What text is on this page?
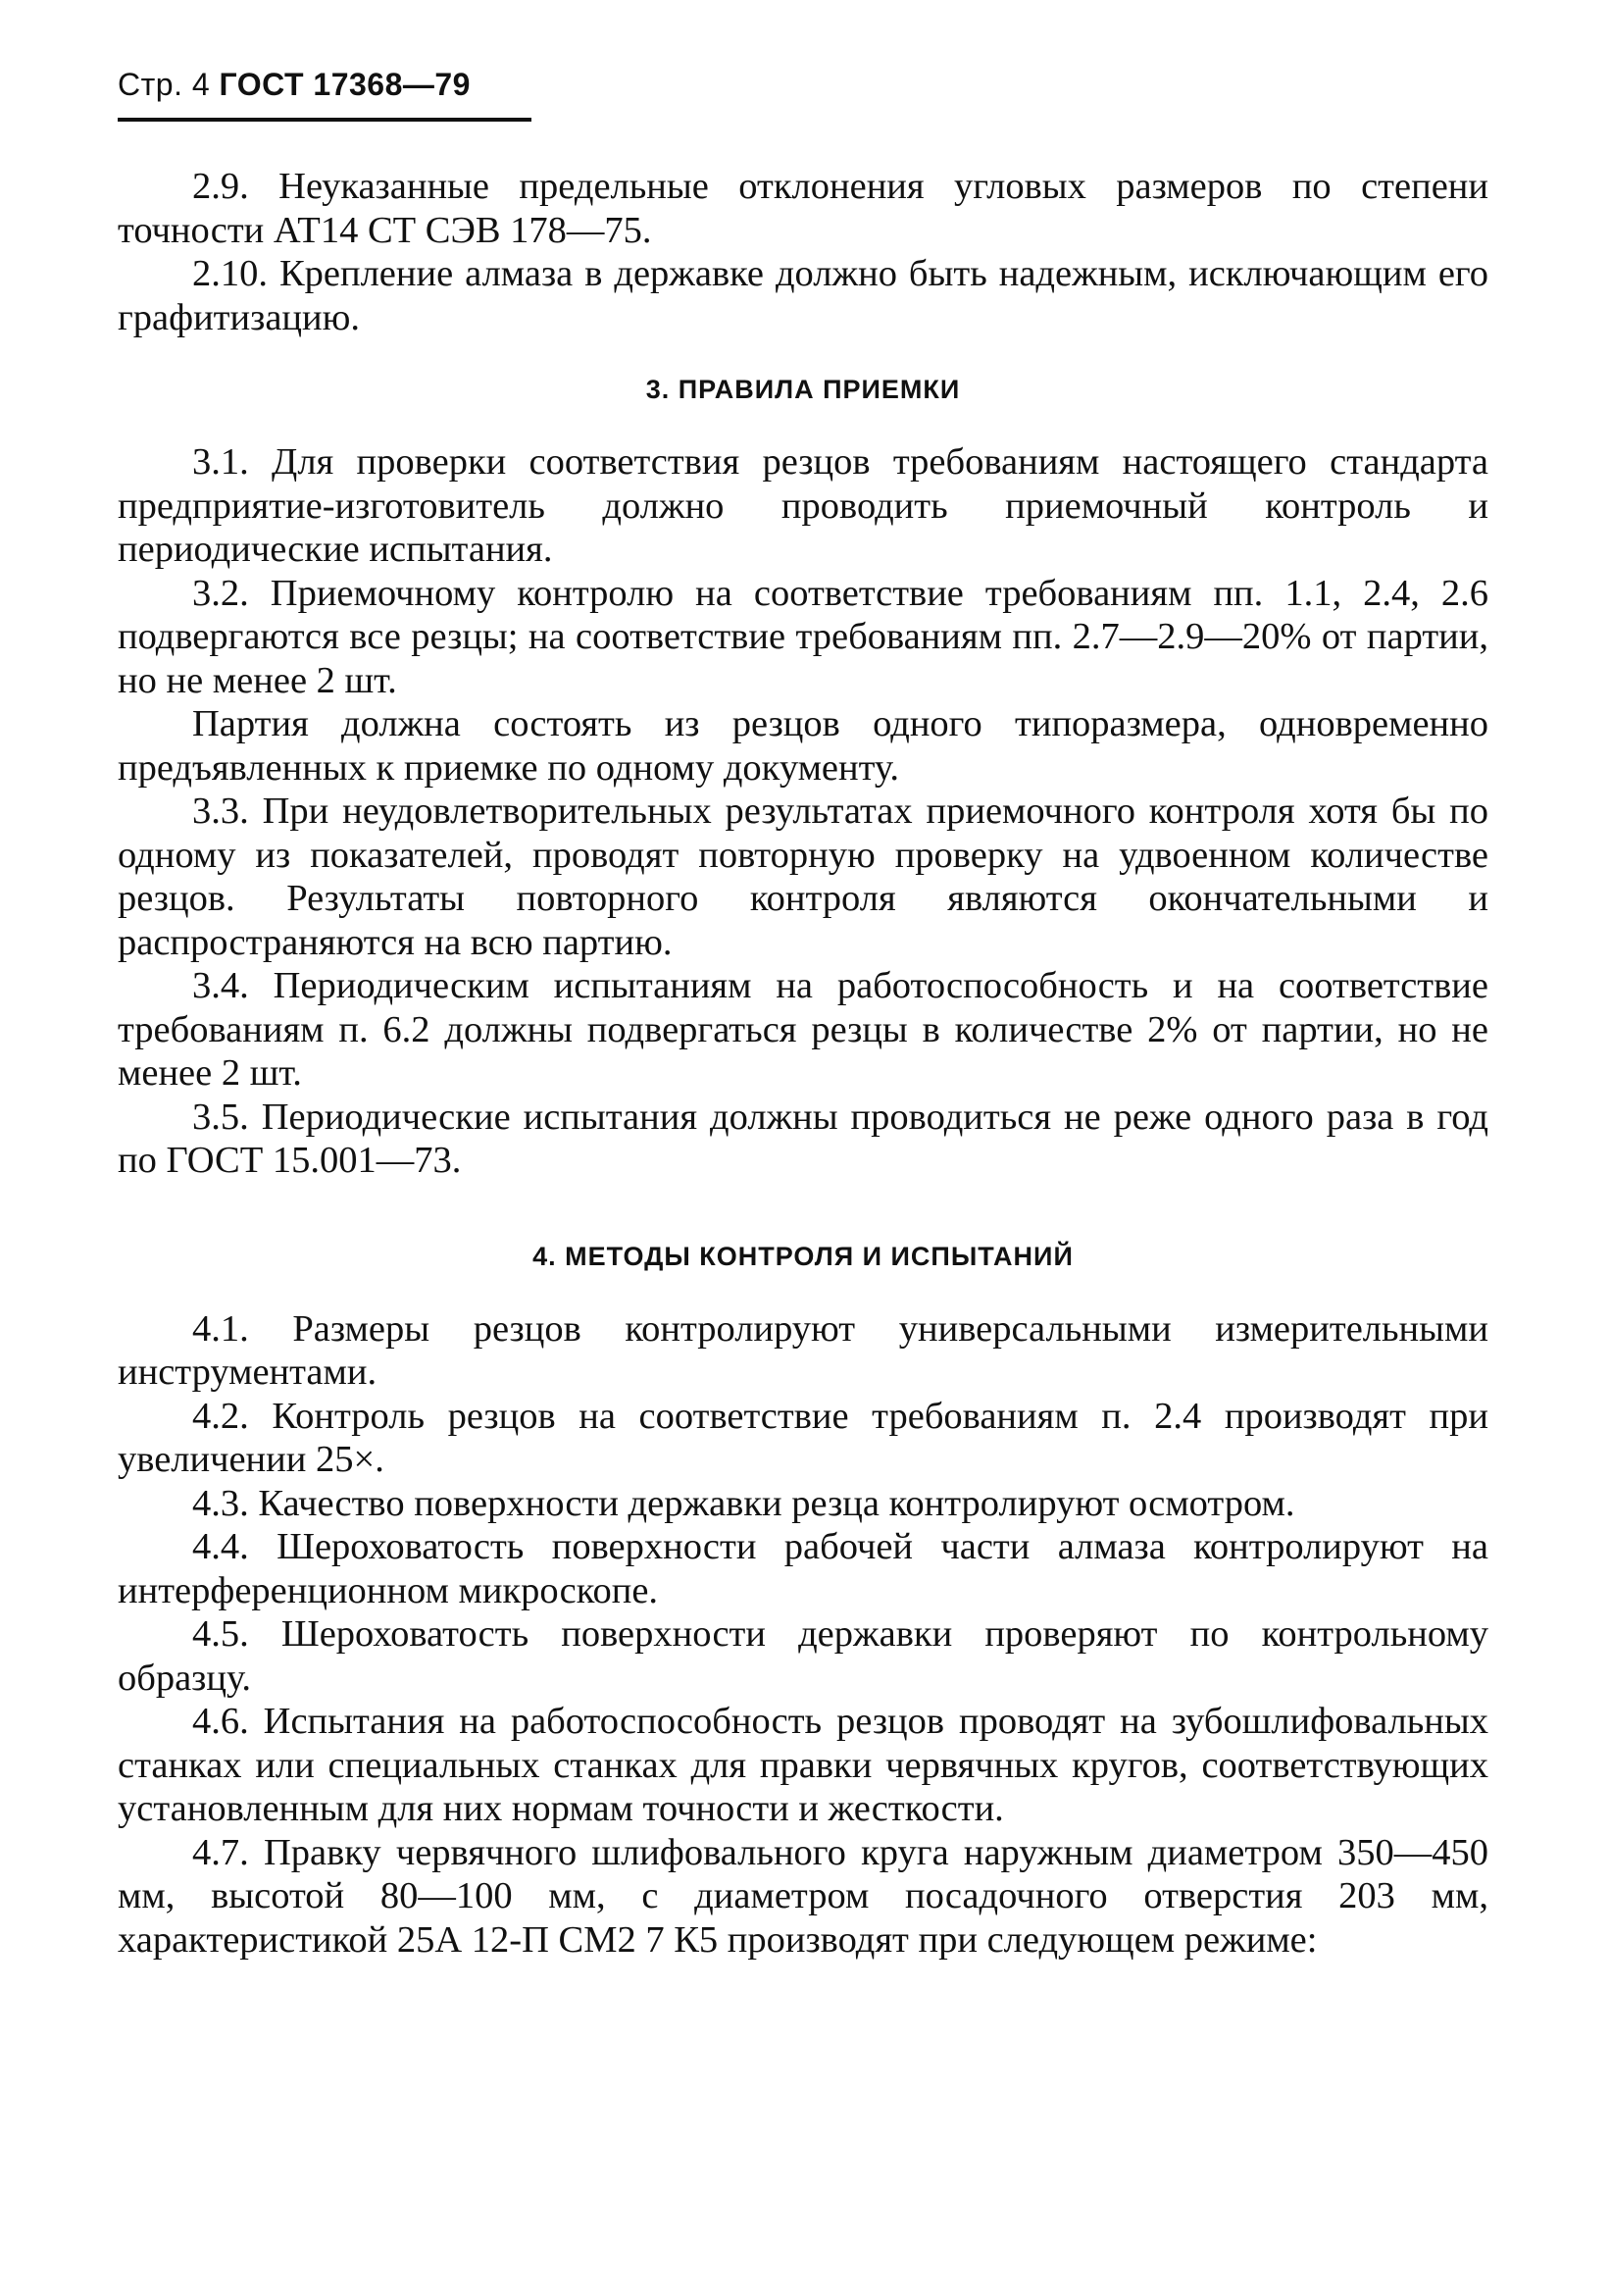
Стр. 4 ГОСТ 17368—79

2.9. Неуказанные предельные отклонения угловых размеров по степени точности АТ14 СТ СЭВ 178—75.

2.10. Крепление алмаза в державке должно быть надежным, исключающим его графитизацию.

3. ПРАВИЛА ПРИЕМКИ

3.1. Для проверки соответствия резцов требованиям настоящего стандарта предприятие-изготовитель должно проводить приемочный контроль и периодические испытания.

3.2. Приемочному контролю на соответствие требованиям пп. 1.1, 2.4, 2.6 подвергаются все резцы; на соответствие требованиям пп. 2.7—2.9—20% от партии, но не менее 2 шт.

Партия должна состоять из резцов одного типоразмера, одновременно предъявленных к приемке по одному документу.

3.3. При неудовлетворительных результатах приемочного контроля хотя бы по одному из показателей, проводят повторную проверку на удвоенном количестве резцов. Результаты повторного контроля являются окончательными и распространяются на всю партию.

3.4. Периодическим испытаниям на работоспособность и на соответствие требованиям п. 6.2 должны подвергаться резцы в количестве 2% от партии, но не менее 2 шт.

3.5. Периодические испытания должны проводиться не реже одного раза в год по ГОСТ 15.001—73.

4. МЕТОДЫ КОНТРОЛЯ И ИСПЫТАНИЙ

4.1. Размеры резцов контролируют универсальными измерительными инструментами.

4.2. Контроль резцов на соответствие требованиям п. 2.4 производят при увеличении 25×.

4.3. Качество поверхности державки резца контролируют осмотром.

4.4. Шероховатость поверхности рабочей части алмаза контролируют на интерференционном микроскопе.

4.5. Шероховатость поверхности державки проверяют по контрольному образцу.

4.6. Испытания на работоспособность резцов проводят на зубошлифовальных станках или специальных станках для правки червячных кругов, соответствующих установленным для них нормам точности и жесткости.

4.7. Правку червячного шлифовального круга наружным диаметром 350—450 мм, высотой 80—100 мм, с диаметром посадочного отверстия 203 мм, характеристикой 25А 12-П СМ2 7 К5 производят при следующем режиме:
